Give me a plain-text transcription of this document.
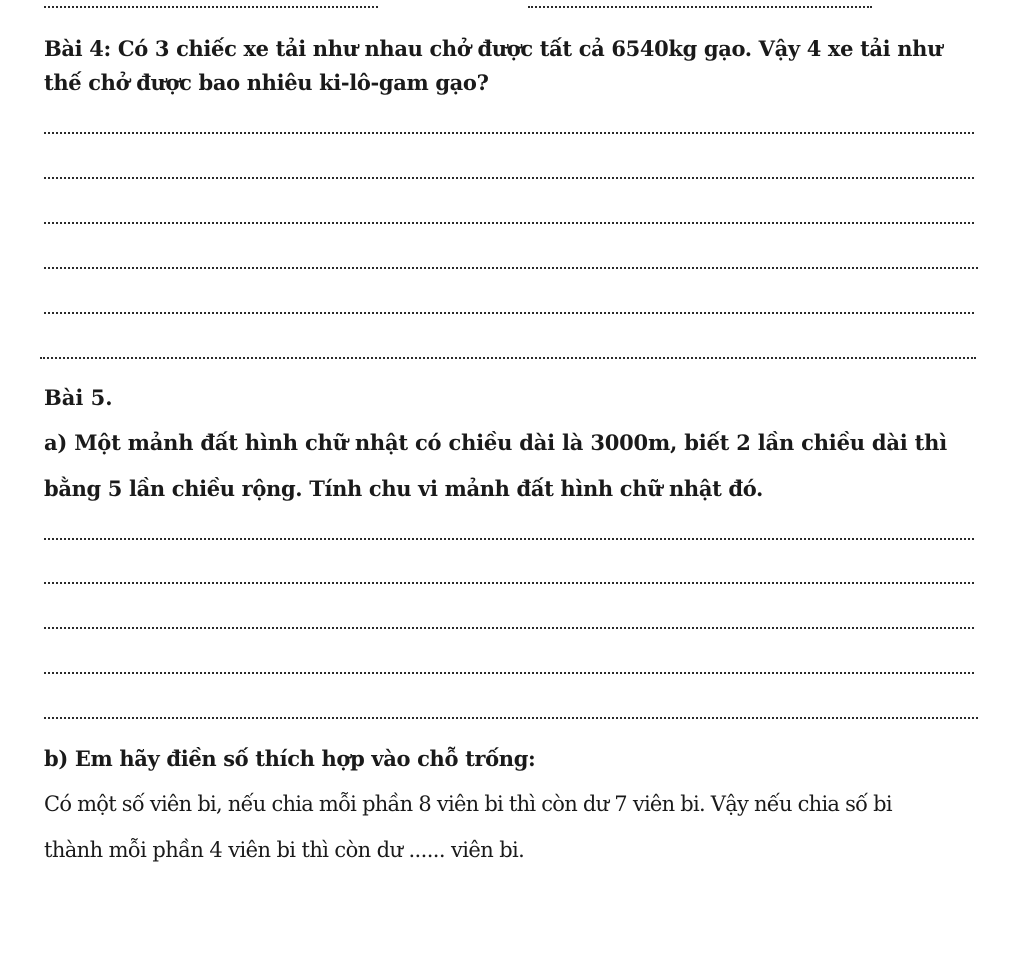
Bài 4: Có 3 chiếc xe tải như nhau chở được tất cả 6540kg gạo. Vậy 4 xe tải như
thế chở được bao nhiêu ki-lô-gam gạo?
Bài 5.
a) Một mảnh đất hình chữ nhật có chiều dài là 3000m, biết 2 lần chiều dài thì
bằng 5 lần chiều rộng. Tính chu vi mảnh đất hình chữ nhật đó.
b) Em hãy điền số thích hợp vào chỗ trống:
Có một số viên bi, nếu chia mỗi phần 8 viên bi thì còn dư 7 viên bi. Vậy nếu chia số bi
thành mỗi phần 4 viên bi thì còn dư ...... viên bi.
